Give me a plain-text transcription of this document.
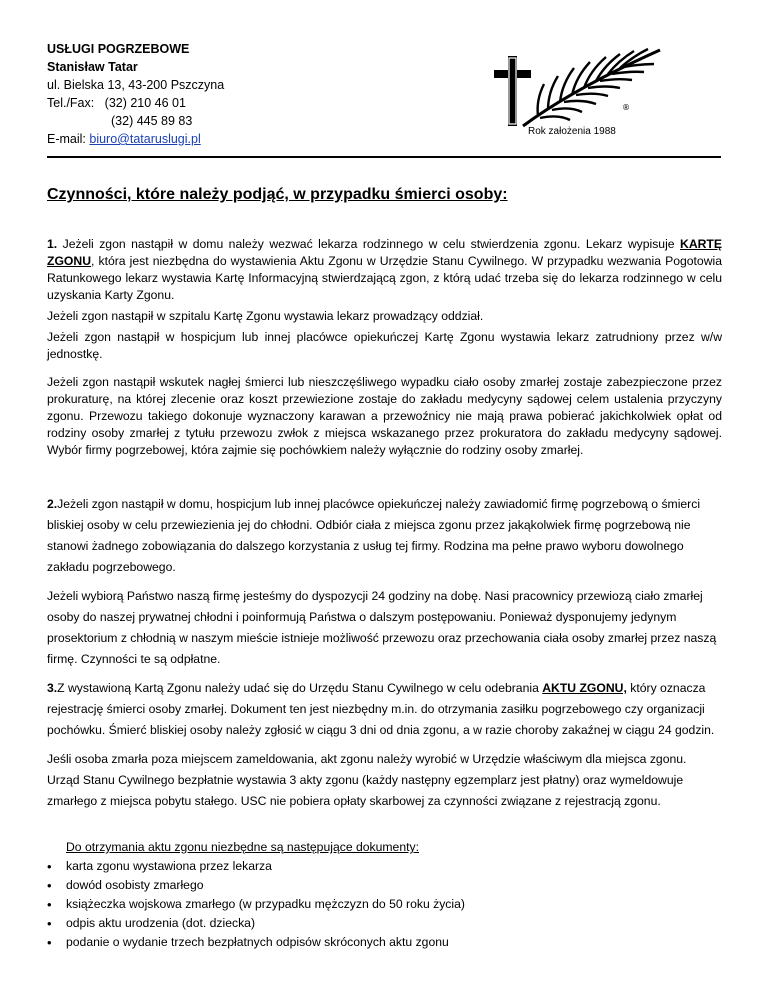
USŁUGI POGRZEBOWE
Stanisław Tatar
ul. Bielska 13, 43-200 Pszczyna
Tel./Fax:   (32) 210 46 01
(32) 445 89 83
E-mail: biuro@tataruslugi.pl
®
Rok założenia 1988
Czynności, które należy podjąć, w przypadku śmierci osoby:

1. Jeżeli zgon nastąpił w domu należy wezwać lekarza rodzinnego w celu stwierdzenia zgonu. Lekarz wypisuje KARTĘ ZGONU, która jest niezbędna do wystawienia Aktu Zgonu w Urzędzie Stanu Cywilnego. W przypadku wezwania Pogotowia Ratunkowego lekarz wystawia Kartę Informacyjną stwierdzającą zgon, z którą udać trzeba się do lekarza rodzinnego w celu uzyskania Karty Zgonu.

Jeżeli zgon nastąpił w szpitalu Kartę Zgonu wystawia lekarz prowadzący oddział.

Jeżeli zgon nastąpił w hospicjum lub innej placówce opiekuńczej Kartę Zgonu wystawia lekarz zatrudniony przez w/w jednostkę.

Jeżeli zgon nastąpił wskutek nagłej śmierci lub nieszczęśliwego wypadku ciało osoby zmarłej zostaje zabezpieczone przez prokuraturę, na której zlecenie oraz koszt przewiezione zostaje do zakładu medycyny sądowej celem ustalenia przyczyny zgonu. Przewozu takiego dokonuje wyznaczony karawan a przewoźnicy nie mają prawa pobierać jakichkolwiek opłat od rodziny osoby zmarłej z tytułu przewozu zwłok z miejsca wskazanego przez prokuratora do zakładu medycyny sądowej. Wybór firmy pogrzebowej, która zajmie się pochówkiem należy wyłącznie do rodziny osoby zmarłej.

2.Jeżeli zgon nastąpił w domu, hospicjum lub innej placówce opiekuńczej należy zawiadomić firmę pogrzebową o śmierci bliskiej osoby w celu przewiezienia jej do chłodni. Odbiór ciała z miejsca zgonu przez jakąkolwiek firmę pogrzebową nie stanowi żadnego zobowiązania do dalszego korzystania z usług tej firmy. Rodzina ma pełne prawo wyboru dowolnego zakładu pogrzebowego.

Jeżeli wybiorą Państwo naszą firmę jesteśmy do dyspozycji 24 godziny na dobę. Nasi pracownicy przewiozą ciało zmarłej osoby do naszej prywatnej chłodni i poinformują Państwa o dalszym postępowaniu. Ponieważ dysponujemy jedynym prosektorium z chłodnią w naszym mieście istnieje możliwość przewozu oraz przechowania ciała osoby zmarłej przez naszą firmę. Czynności te są odpłatne.

3.Z wystawioną Kartą Zgonu należy udać się do Urzędu Stanu Cywilnego w celu odebrania AKTU ZGONU, który oznacza rejestrację śmierci osoby zmarłej. Dokument ten jest niezbędny m.in. do otrzymania zasiłku pogrzebowego czy organizacji pochówku. Śmierć bliskiej osoby należy zgłosić w ciągu 3 dni od dnia zgonu, a w razie choroby zakaźnej w ciągu 24 godzin.

Jeśli osoba zmarła poza miejscem zameldowania, akt zgonu należy wyrobić w Urzędzie właściwym dla miejsca zgonu. Urząd Stanu Cywilnego bezpłatnie wystawia 3 akty zgonu (każdy następny egzemplarz jest płatny) oraz wymeldowuje zmarłego z miejsca pobytu stałego. USC nie pobiera opłaty skarbowej za czynności związane z rejestracją zgonu.

Do otrzymania aktu zgonu niezbędne są następujące dokumenty:
• karta zgonu wystawiona przez lekarza
• dowód osobisty zmarłego
• książeczka wojskowa zmarłego (w przypadku mężczyzn do 50 roku życia)
• odpis aktu urodzenia (dot. dziecka)
• podanie o wydanie trzech bezpłatnych odpisów skróconych aktu zgonu
